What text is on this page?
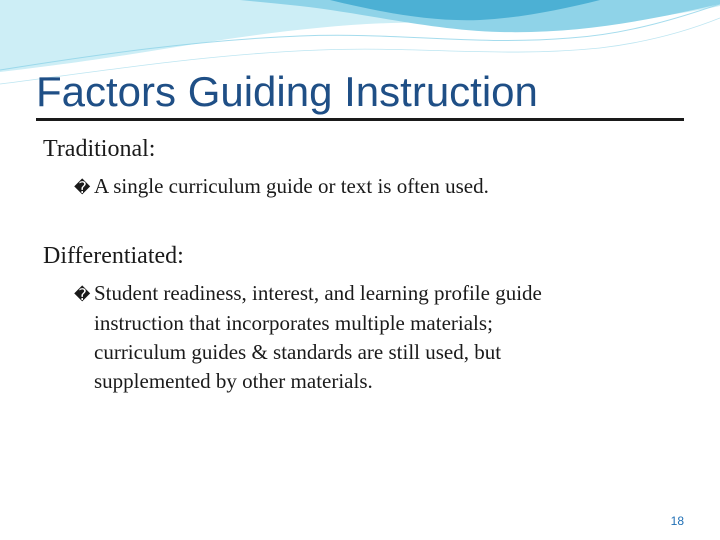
Factors Guiding Instruction
Traditional:

� A single curriculum guide or text is often used.

Differentiated:

� Student readiness, interest, and learning profile guide
instruction that incorporates multiple materials;
curriculum guides & standards are still used, but
supplemented by other materials.

18
